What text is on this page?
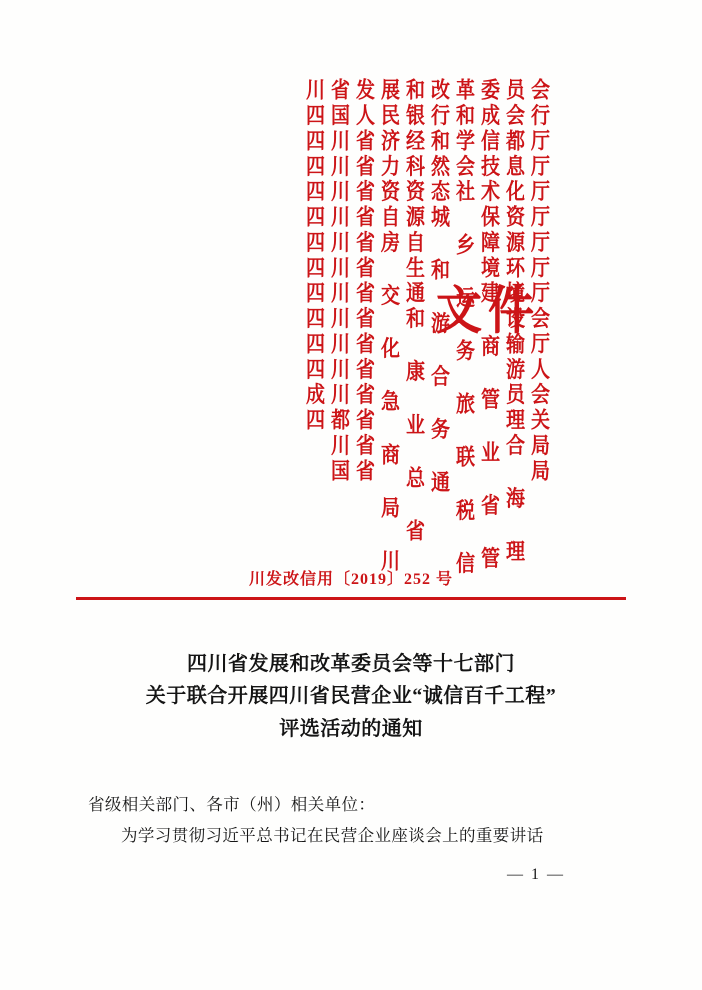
会行厅厅厅厅厅厅厅会厅人会关局局
员会都息化资源环境设输游员理合 海 理
委成信技术保障境建 商 管 业 省 管
革和学会社 乡 运 务 旅 联 税 信
改行和然态城 和 游 合 务 通
和银经科资源自生通和 康 业 总 省
展民济力资自房 交 化 急 商 局 川
发人省省省省省省省省省省省省省省
省国川川川川川川川川川川川都川国
川四四四四四四四四四四四成四 文件
川发改信用〔2019〕252 号
四川省发展和改革委员会等十七部门
关于联合开展四川省民营企业“诚信百千工程”
评选活动的通知
省级相关部门、各市（州）相关单位：
为学习贯彻习近平总书记在民营企业座谈会上的重要讲话
— 1 —
